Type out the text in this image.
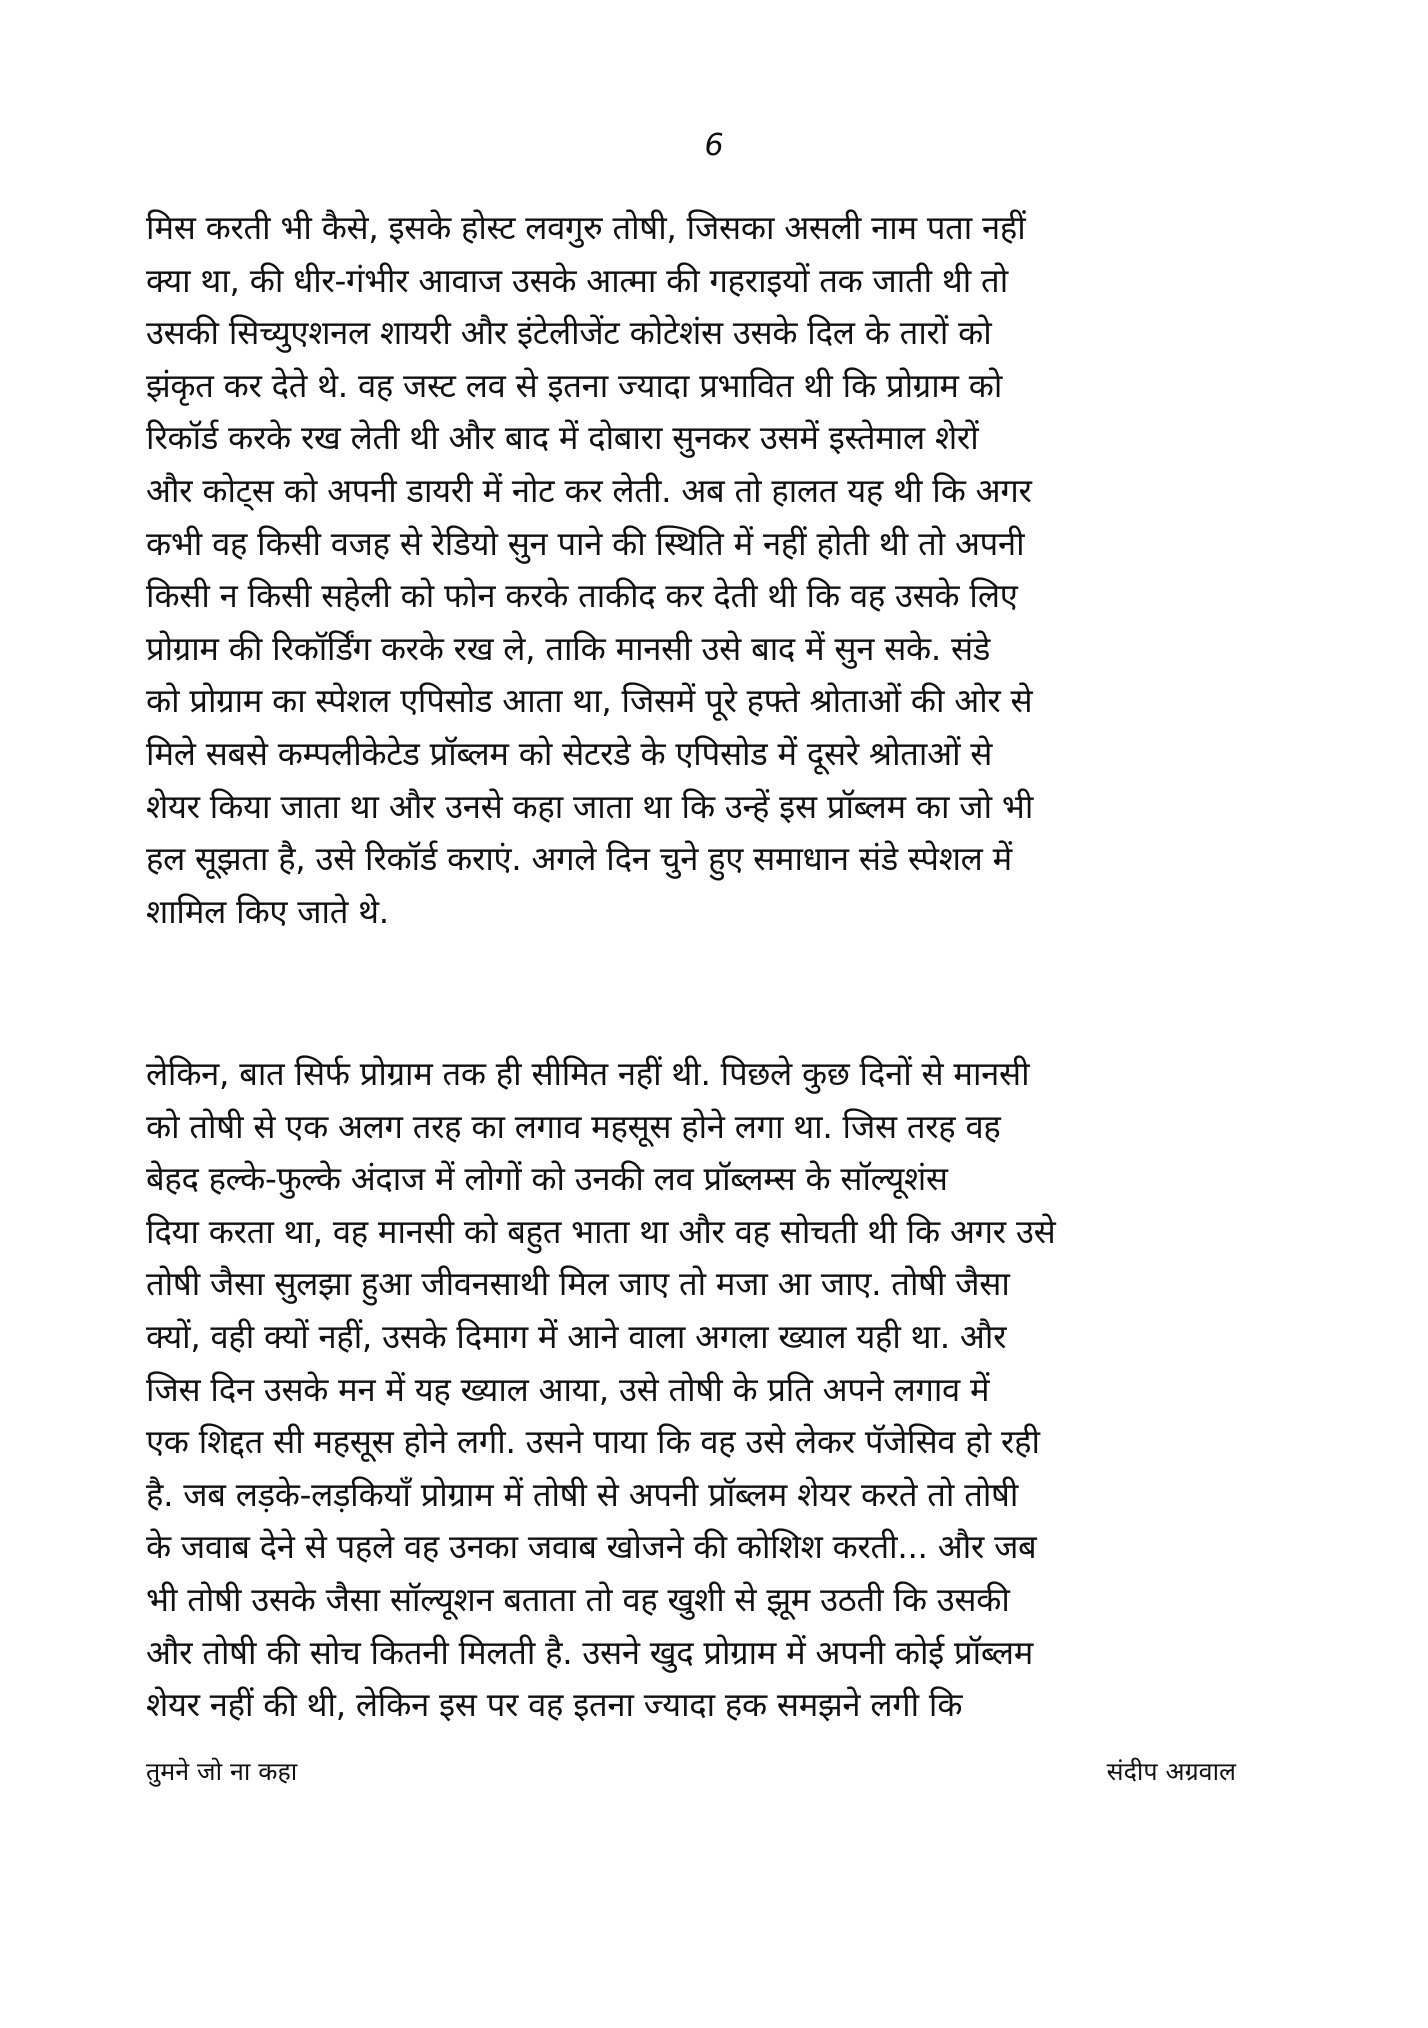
6
मिस करती भी कैसे, इसके होस्ट लवगुरु तोषी, जिसका असली नाम पता नहीं
क्या था, की धीर-गंभीर आवाज उसके आत्मा की गहराइयों तक जाती थी तो
उसकी सिच्युएशनल शायरी और इंटेलीजेंट कोटेशंस उसके दिल के तारों को
झंकृत कर देते थे. वह जस्ट लव से इतना ज्यादा प्रभावित थी कि प्रोग्राम को
रिकॉर्ड करके रख लेती थी और बाद में दोबारा सुनकर उसमें इस्तेमाल शेरों
और कोट्स को अपनी डायरी में नोट कर लेती. अब तो हालत यह थी कि अगर
कभी वह किसी वजह से रेडियो सुन पाने की स्थिति में नहीं होती थी तो अपनी
किसी न किसी सहेली को फोन करके ताकीद कर देती थी कि वह उसके लिए
प्रोग्राम की रिकॉर्डिंग करके रख ले, ताकि मानसी उसे बाद में सुन सके. संडे
को प्रोग्राम का स्पेशल एपिसोड आता था, जिसमें पूरे हफ्ते श्रोताओं की ओर से
मिले सबसे कम्पलीकेटेड प्रॉब्लम को सेटरडे के एपिसोड में दूसरे श्रोताओं से
शेयर किया जाता था और उनसे कहा जाता था कि उन्हें इस प्रॉब्लम का जो भी
हल सूझता है, उसे रिकॉर्ड कराएं. अगले दिन चुने हुए समाधान संडे स्पेशल में
शामिल किए जाते थे.
लेकिन, बात सिर्फ प्रोग्राम तक ही सीमित नहीं थी. पिछले कुछ दिनों से मानसी
को तोषी से एक अलग तरह का लगाव महसूस होने लगा था. जिस तरह वह
बेहद हल्के-फुल्के अंदाज में लोगों को उनकी लव प्रॉब्लम्स के सॉल्यूशंस
दिया करता था, वह मानसी को बहुत भाता था और वह सोचती थी कि अगर उसे
तोषी जैसा सुलझा हुआ जीवनसाथी मिल जाए तो मजा आ जाए. तोषी जैसा
क्यों, वही क्यों नहीं, उसके दिमाग में आने वाला अगला ख्याल यही था. और
जिस दिन उसके मन में यह ख्याल आया, उसे तोषी के प्रति अपने लगाव में
एक शिद्दत सी महसूस होने लगी. उसने पाया कि वह उसे लेकर पॅजेसिव हो रही
है. जब लड़के-लड़कियाँ प्रोग्राम में तोषी से अपनी प्रॉब्लम शेयर करते तो तोषी
के जवाब देने से पहले वह उनका जवाब खोजने की कोशिश करती... और जब
भी तोषी उसके जैसा सॉल्यूशन बताता तो वह खुशी से झूम उठती कि उसकी
और तोषी की सोच कितनी मिलती है. उसने खुद प्रोग्राम में अपनी कोई प्रॉब्लम
शेयर नहीं की थी, लेकिन इस पर वह इतना ज्यादा हक समझने लगी कि
तुमने जो ना कहा	संदीप अग्रवाल
